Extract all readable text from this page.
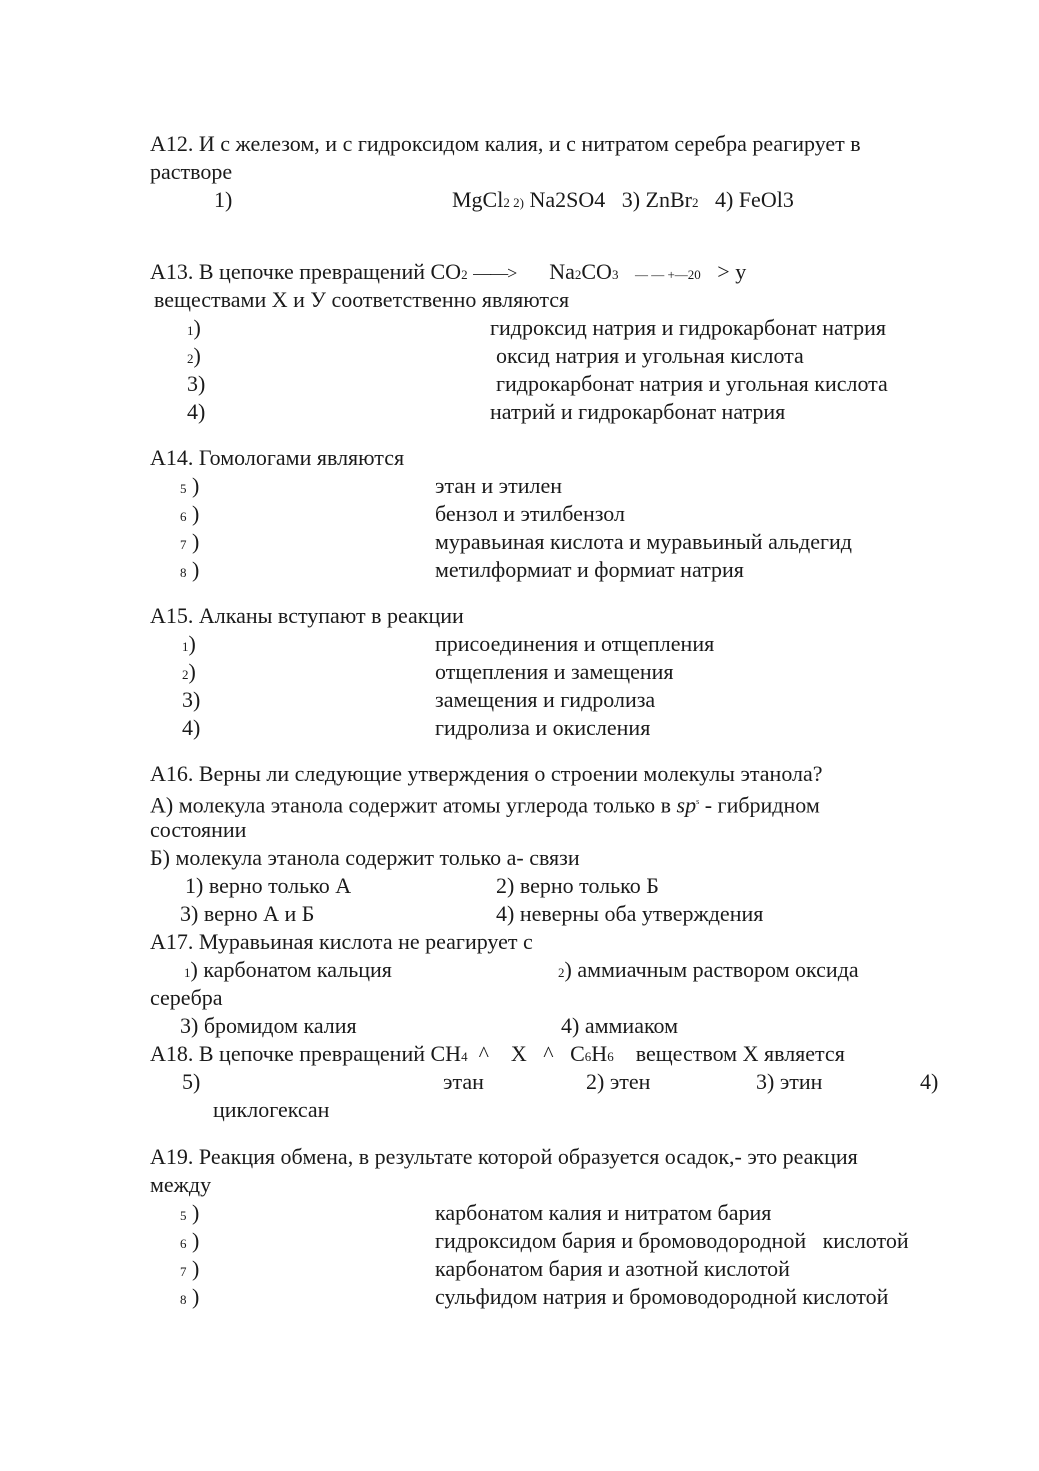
A12. И с железом, и с гидроксидом калия, и с нитратом серебра реагирует в
растворе
1)	MgCl2 2) Na2SO4 3) ZnBr2 4) FeOl3
A13. В цепочке превращений CO2 ——> Na2CO3 — — +—20 > у
веществами X и У соответственно являются
1)	гидроксид натрия и гидрокарбонат натрия
2)	оксид натрия и угольная кислота
3)	гидрокарбонат натрия и угольная кислота
4)	натрий и гидрокарбонат натрия
A14. Гомологами являются
5 )	этан и этилен
6 )	бензол и этилбензол
7 )	муравьиная кислота и муравьиный альдегид
8 )	метилформиат и формиат натрия
A15. Алканы вступают в реакции
1)	присоединения и отщепления
2)	отщепления и замещения
3)	замещения и гидролиза
4)	гидролиза и окисления
A16. Верны ли следующие утверждения о строении молекулы этанола?
А) молекула этанола содержит атомы углерода только в $sp^s$ - гибридном
состоянии
Б) молекула этанола содержит только а- связи
1) верно только А	2) верно только Б
3) верно А и Б	4) неверны оба утверждения
A17. Муравьиная кислота не реагирует с
1) карбонатом кальция	2) аммиачным раствором оксида
серебра
3) бромидом калия	4) аммиаком
A18. В цепочке превращений CH4 ^ X ^ C6H6 веществом X является
5)	этан	2) этен	3) этин	4)
циклогексан
A19. Реакция обмена, в результате которой образуется осадок,- это реакция
между
5 )	карбонатом калия и нитратом бария
6 )	гидроксидом бария и бромоводородной   кислотой
7 )	карбонатом бария и азотной кислотой
8 )	сульфидом натрия и бромоводородной кислотой
